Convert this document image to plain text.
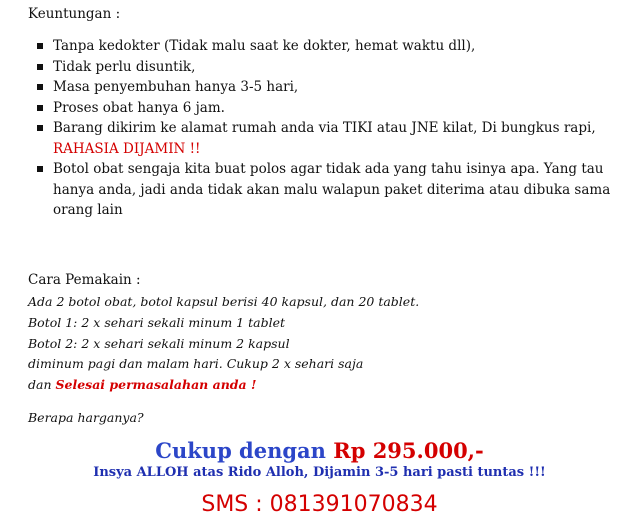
Keuntungan :
Tanpa kedokter (Tidak malu saat ke dokter, hemat waktu dll),
Tidak perlu disuntik,
Masa penyembuhan hanya 3-5 hari,
Proses obat hanya 6 jam.
Barang dikirim ke alamat rumah anda via TIKI atau JNE kilat, Di bungkus rapi, RAHASIA DIJAMIN !!
Botol obat sengaja kita buat polos agar tidak ada yang tahu isinya apa. Yang tau hanya anda, jadi anda tidak akan malu walapun paket diterima atau dibuka sama orang lain
Cara Pemakain :
Ada 2 botol obat, botol kapsul berisi 40 kapsul, dan 20 tablet.
Botol 1: 2 x sehari sekali minum 1 tablet
Botol 2: 2 x sehari sekali minum 2 kapsul
diminum pagi dan malam hari. Cukup 2 x sehari saja
dan Selesai permasalahan anda !
Berapa harganya?
Cukup dengan Rp 295.000,-
Insya ALLOH atas Rido Alloh, Dijamin 3-5 hari pasti tuntas !!!
SMS : 081391070834
